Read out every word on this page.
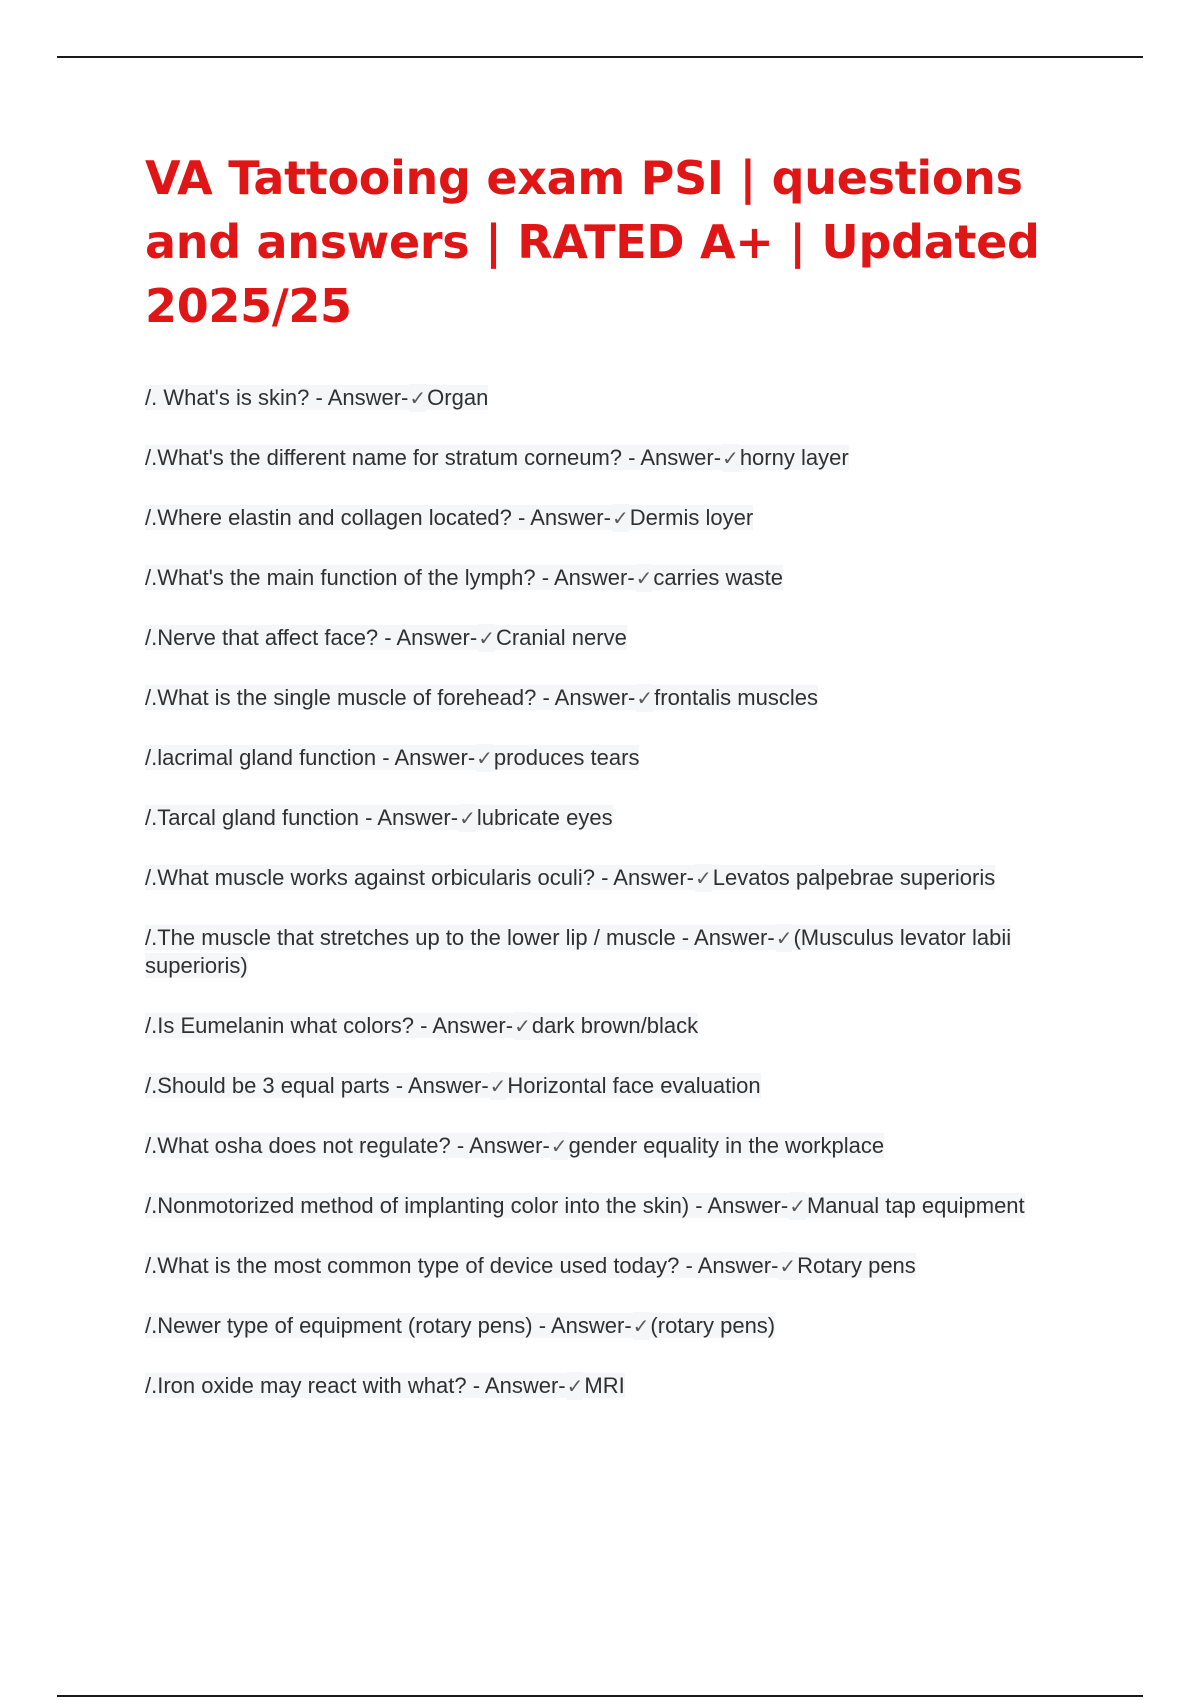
VA Tattooing exam PSI | questions and answers | RATED A+ | Updated 2025/25
/. What's is skin? - Answer-✓Organ
/.What's the different name for stratum corneum? - Answer-✓horny layer
/.Where elastin and collagen located? - Answer-✓Dermis loyer
/.What's the main function of the lymph? - Answer-✓carries waste
/.Nerve that affect face? - Answer-✓Cranial nerve
/.What is the single muscle of forehead? - Answer-✓frontalis muscles
/.lacrimal gland function - Answer-✓produces tears
/.Tarcal gland function - Answer-✓lubricate eyes
/.What muscle works against orbicularis oculi? - Answer-✓Levatos palpebrae superioris
/.The muscle that stretches up to the lower lip / muscle - Answer-✓(Musculus levator labii superioris)
/.Is Eumelanin what colors? - Answer-✓dark brown/black
/.Should be 3 equal parts - Answer-✓Horizontal face evaluation
/.What osha does not regulate? - Answer-✓gender equality in the workplace
/.Nonmotorized method of implanting color into the skin) - Answer-✓Manual tap equipment
/.What is the most common type of device used today? - Answer-✓Rotary pens
/.Newer type of equipment (rotary pens) - Answer-✓(rotary pens)
/.Iron oxide may react with what? - Answer-✓MRI
